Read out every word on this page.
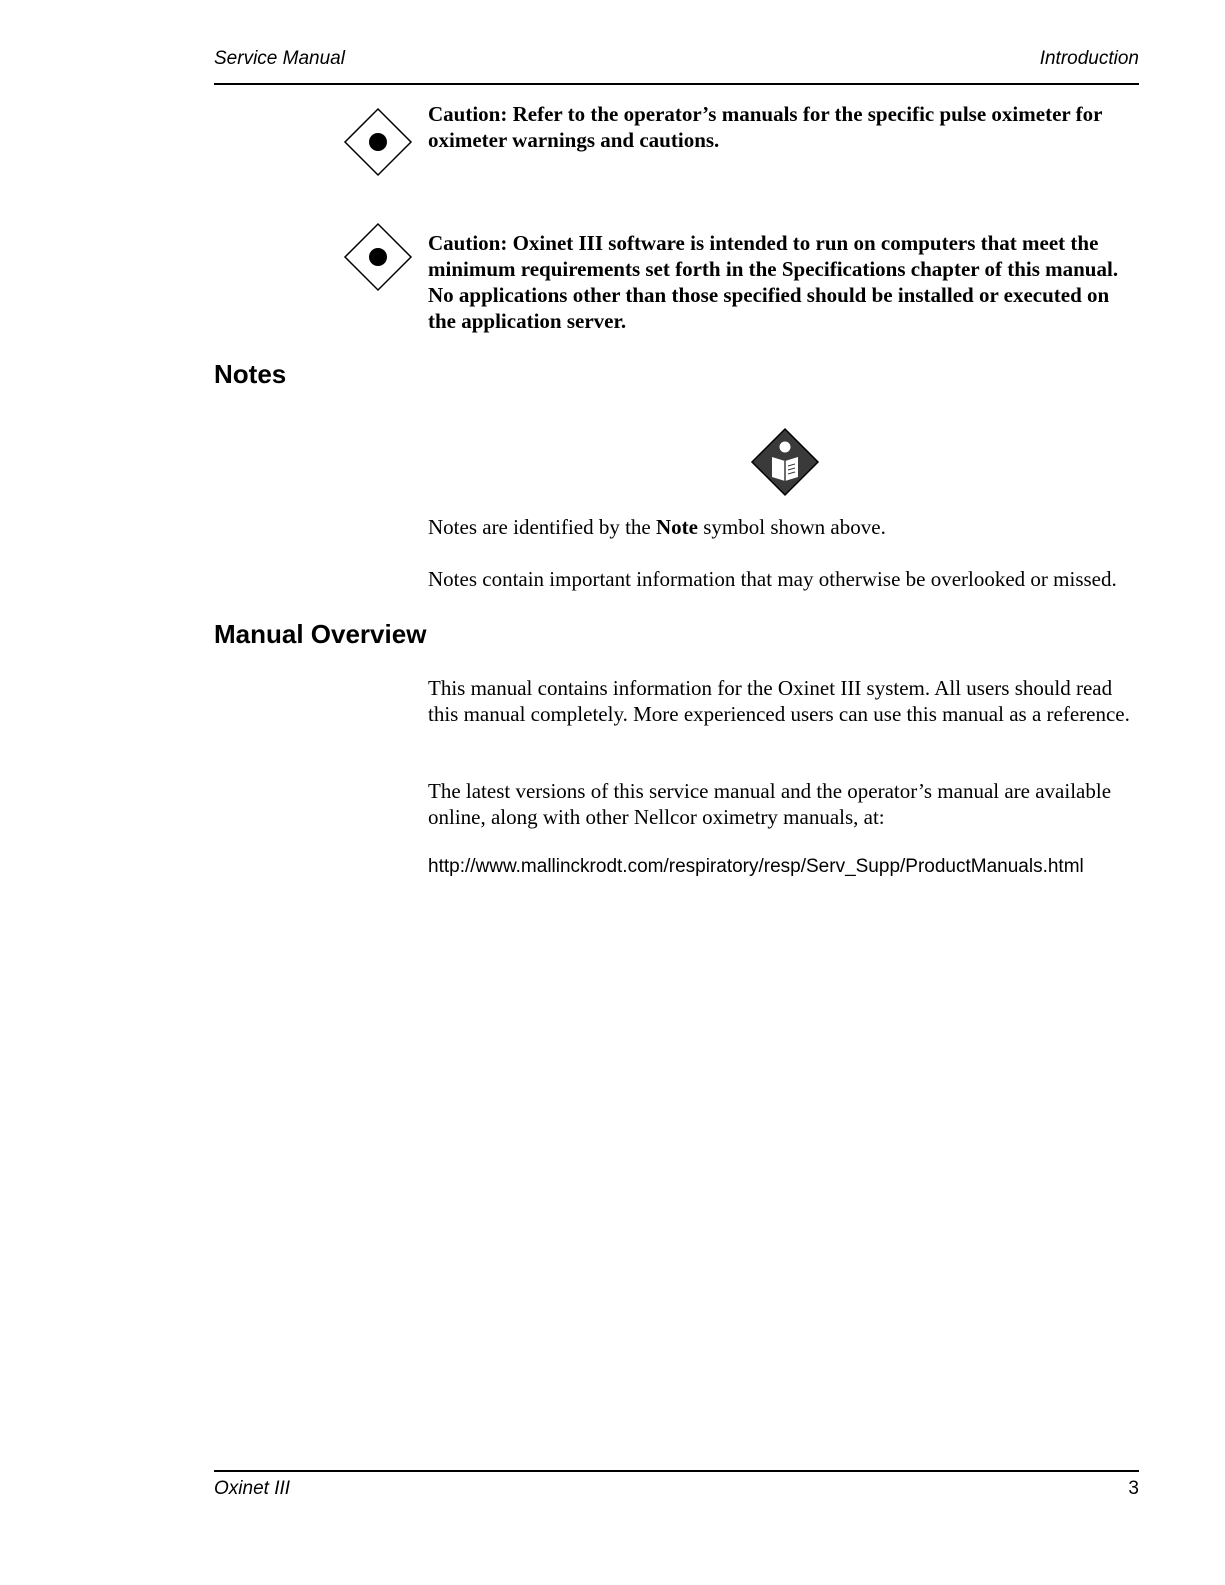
Service Manual	Introduction
Caution: Refer to the operator’s manuals for the specific pulse oximeter for oximeter warnings and cautions.
Caution: Oxinet III software is intended to run on computers that meet the minimum requirements set forth in the Specifications chapter of this manual. No applications other than those specified should be installed or executed on the application server.
Notes
Notes are identified by the Note symbol shown above.
Notes contain important information that may otherwise be overlooked or missed.
Manual Overview
This manual contains information for the Oxinet III system. All users should read this manual completely. More experienced users can use this manual as a reference.
The latest versions of this service manual and the operator’s manual are available online, along with other Nellcor oximetry manuals, at:
http://www.mallinckrodt.com/respiratory/resp/Serv_Supp/ProductManuals.html
Oxinet III	3
